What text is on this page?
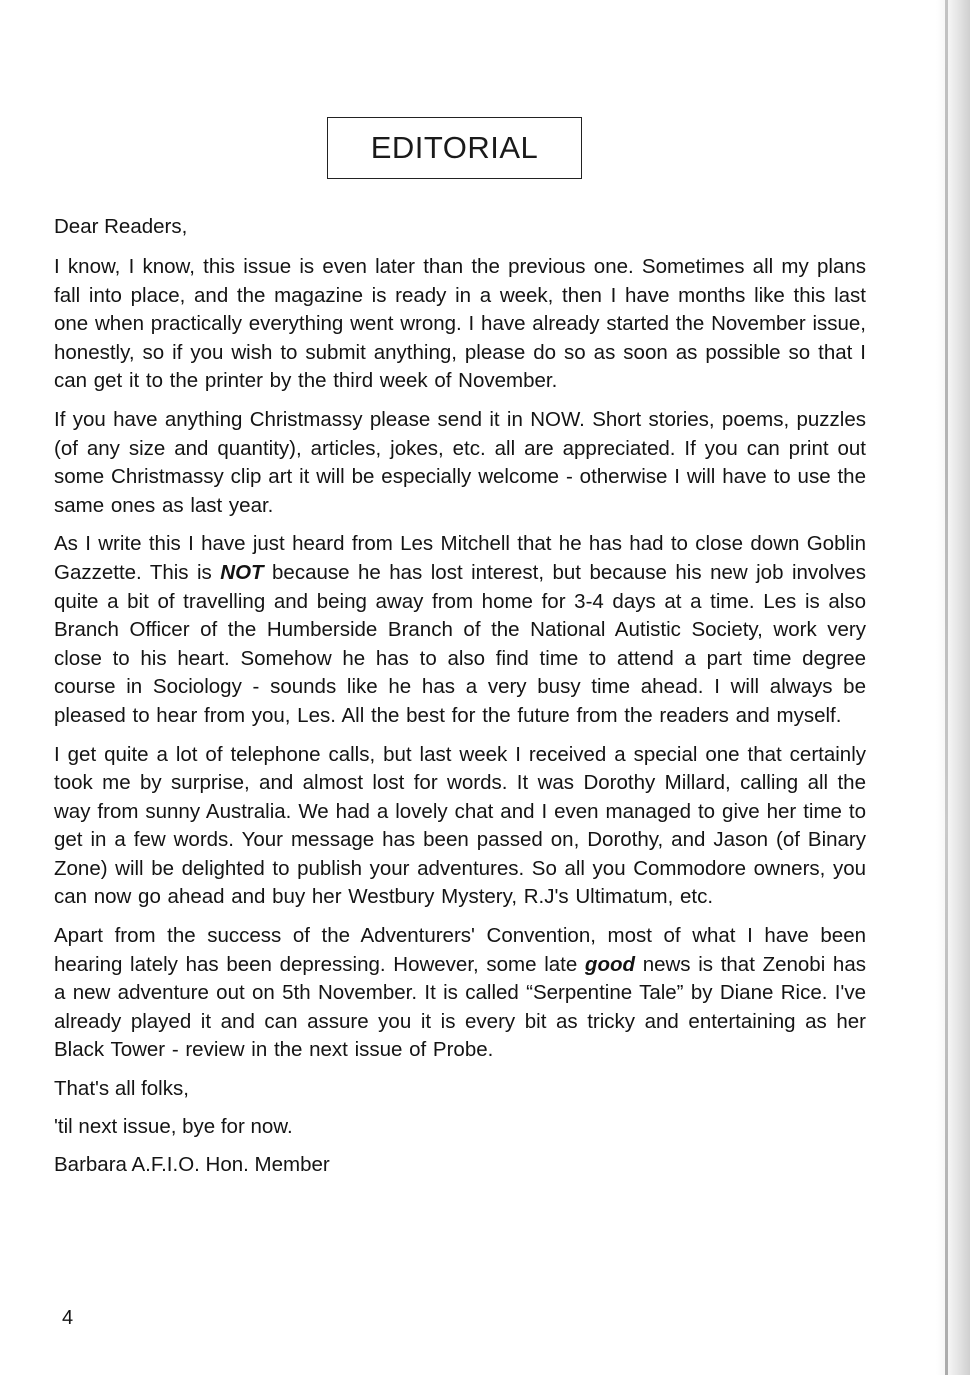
EDITORIAL

Dear Readers,

I know, I know, this issue is even later than the previous one. Sometimes all my plans fall into place, and the magazine is ready in a week, then I have months like this last one when practically everything went wrong. I have already started the November issue, honestly, so if you wish to submit anything, please do so as soon as possible so that I can get it to the printer by the third week of November.

If you have anything Christmassy please send it in NOW. Short stories, poems, puzzles (of any size and quantity), articles, jokes, etc. all are appreciated. If you can print out some Christmassy clip art it will be especially welcome - otherwise I will have to use the same ones as last year.

As I write this I have just heard from Les Mitchell that he has had to close down Goblin Gazzette. This is NOT because he has lost interest, but because his new job involves quite a bit of travelling and being away from home for 3-4 days at a time. Les is also Branch Officer of the Humberside Branch of the National Autistic Society, work very close to his heart. Somehow he has to also find time to attend a part time degree course in Sociology - sounds like he has a very busy time ahead. I will always be pleased to hear from you, Les. All the best for the future from the readers and myself.

I get quite a lot of telephone calls, but last week I received a special one that certainly took me by surprise, and almost lost for words. It was Dorothy Millard, calling all the way from sunny Australia. We had a lovely chat and I even managed to give her time to get in a few words. Your message has been passed on, Dorothy, and Jason (of Binary Zone) will be delighted to publish your adventures. So all you Commodore owners, you can now go ahead and buy her Westbury Mystery, R.J's Ultimatum, etc.

Apart from the success of the Adventurers' Convention, most of what I have been hearing lately has been depressing. However, some late good news is that Zenobi has a new adventure out on 5th November. It is called “Serpentine Tale” by Diane Rice. I've already played it and can assure you it is every bit as tricky and entertaining as her Black Tower - review in the next issue of Probe.

That's all folks,

'til next issue, bye for now.

Barbara A.F.I.O. Hon. Member

4
